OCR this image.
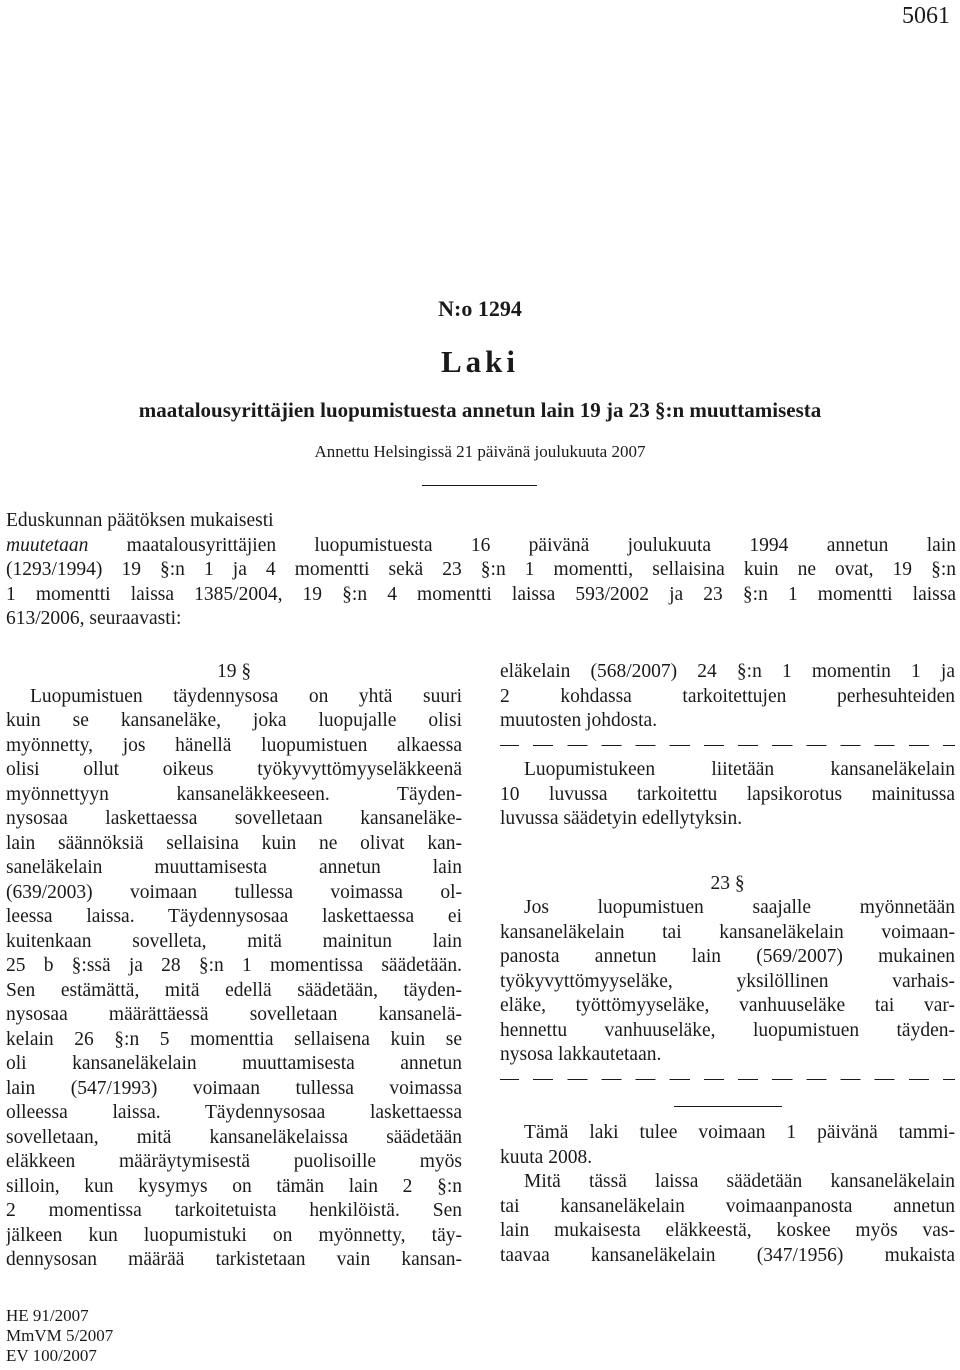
5061
N:o 1294
Laki
maatalousyrittäjien luopumistuesta annetun lain 19 ja 23 §:n muuttamisesta
Annettu Helsingissä 21 päivänä joulukuuta 2007

Eduskunnan päätöksen mukaisesti

muutetaan maatalousyrittäjien luopumistuesta 16 päivänä joulukuuta 1994 annetun lain

(1293/1994) 19 §:n 1 ja 4 momentti sekä 23 §:n 1 momentti, sellaisina kuin ne ovat, 19 §:n

1 momentti laissa 1385/2004, 19 §:n 4 momentti laissa 593/2002 ja 23 §:n 1 momentti laissa

613/2006, seuraavasti:

19 §
Luopumistuen täydennysosa on yhtä suuri
kuin se kansaneläke, joka luopujalle olisi
myönnetty, jos hänellä luopumistuen alkaessa
olisi ollut oikeus työkyvyttömyyseläkkeenä
myönnettyyn kansaneläkkeeseen. Täyden-
nysosaa laskettaessa sovelletaan kansaneläke-
lain säännöksiä sellaisina kuin ne olivat kan-
saneläkelain muuttamisesta annetun lain
(639/2003) voimaan tullessa voimassa ol-
leessa laissa. Täydennysosaa laskettaessa ei
kuitenkaan sovelleta, mitä mainitun lain
25 b §:ssä ja 28 §:n 1 momentissa säädetään.
Sen estämättä, mitä edellä säädetään, täyden-
nysosaa määrättäessä sovelletaan kansanelä-
kelain 26 §:n 5 momenttia sellaisena kuin se
oli kansaneläkelain muuttamisesta annetun
lain (547/1993) voimaan tullessa voimassa
olleessa laissa. Täydennysosaa laskettaessa
sovelletaan, mitä kansaneläkelaissa säädetään
eläkkeen määräytymisestä puolisoille myös
silloin, kun kysymys on tämän lain 2 §:n
2 momentissa tarkoitetuista henkilöistä. Sen
jälkeen kun luopumistuki on myönnetty, täy-
dennysosan määrää tarkistetaan vain kansan-
eläkelain (568/2007) 24 §:n 1 momentin 1 ja
2 kohdassa tarkoitettujen perhesuhteiden
muutosten johdosta.
Luopumistukeen liitetään kansaneläkelain
10 luvussa tarkoitettu lapsikorotus mainitussa
luvussa säädetyin edellytyksin.
23 §
Jos luopumistuen saajalle myönnetään
kansaneläkelain tai kansaneläkelain voimaan-
panosta annetun lain (569/2007) mukainen
työkyvyttömyyseläke, yksilöllinen varhais-
eläke, työttömyyseläke, vanhuuseläke tai var-
hennettu vanhuuseläke, luopumistuen täyden-
nysosa lakkautetaan.
Tämä laki tulee voimaan 1 päivänä tammi-
kuuta 2008.
Mitä tässä laissa säädetään kansaneläkelain
tai kansaneläkelain voimaanpanosta annetun
lain mukaisesta eläkkeestä, koskee myös vas-
taavaa kansaneläkelain (347/1956) mukaista
HE 91/2007
MmVM 5/2007
EV 100/2007
